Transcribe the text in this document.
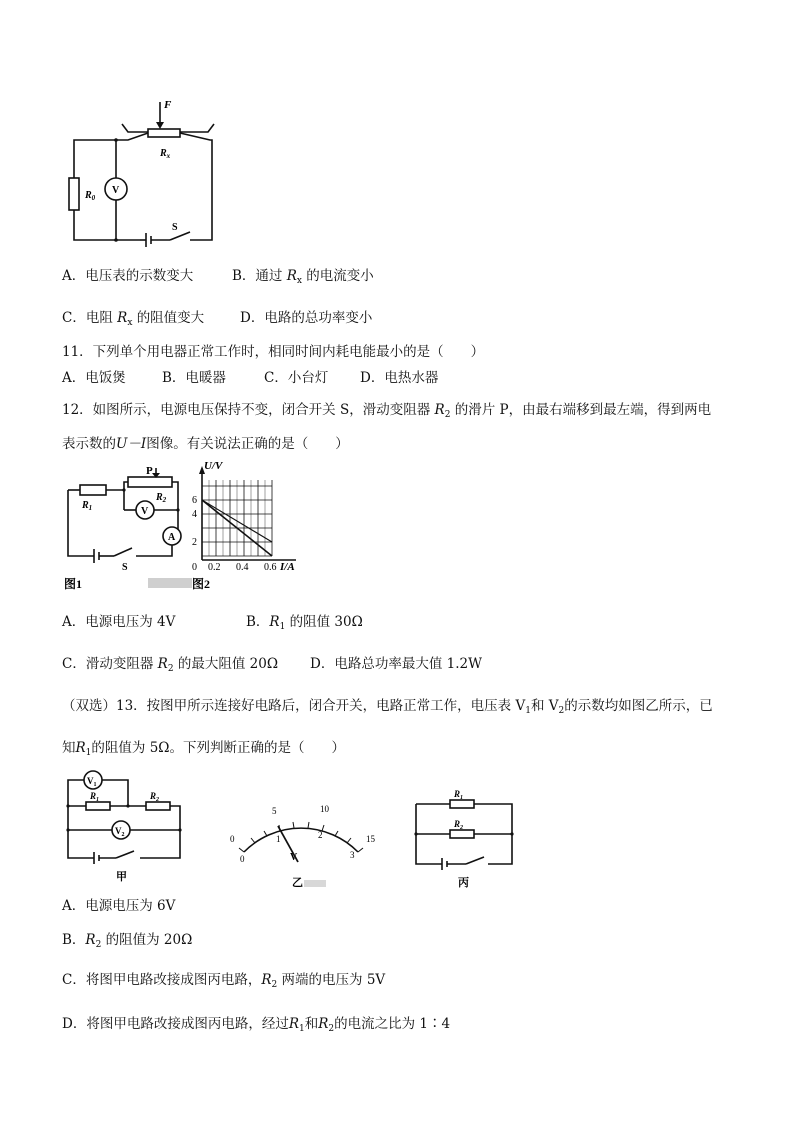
F
$R_x$
$R_0$
V
S
A．电压表的示数变大	B．通过 $R_x$ 的电流变小
C．电阻 $R_x$ 的阻值变大	D．电路的总功率变小
11．下列单个用电器正常工作时，相同时间内耗电能最小的是（　　）
A．电饭煲	B．电暖器	C．小台灯 D．电热水器
12．如图所示，电源电压保持不变，闭合开关 S，滑动变阻器 $R_2$ 的滑片 P，由最右端移到最左端，得到两电
表示数的U－I图像。有关说法正确的是（　　）
P
$R_1$
$R_2$
V
A
S
图1
U/V
2
4
6
0 0.2 0.4 0.6 I/A
图2
A．电源电压为 4V	B．$R_1$ 的阻值 30Ω
C．滑动变阻器 $R_2$ 的最大阻值 20Ω D．电路总功率最大值 1.2W
（双选）13．按图甲所示连接好电路后，闭合开关，电路正常工作，电压表 $V_1$和 $V_2$的示数均如图乙所示，已
知$R_1$的阻值为 5Ω。下列判断正确的是（　　）
$V_1$
$V_2$
$R_1$	$R_2$
甲
0
5	10
15
0
1	2
3
V
乙
$R_1$
$R_2$
丙
A．电源电压为 6V
B．$R_2$ 的阻值为 20Ω
C．将图甲电路改接成图丙电路，$R_2$ 两端的电压为 5V
D．将图甲电路改接成图丙电路，经过$R_1$和$R_2$的电流之比为 1∶4
